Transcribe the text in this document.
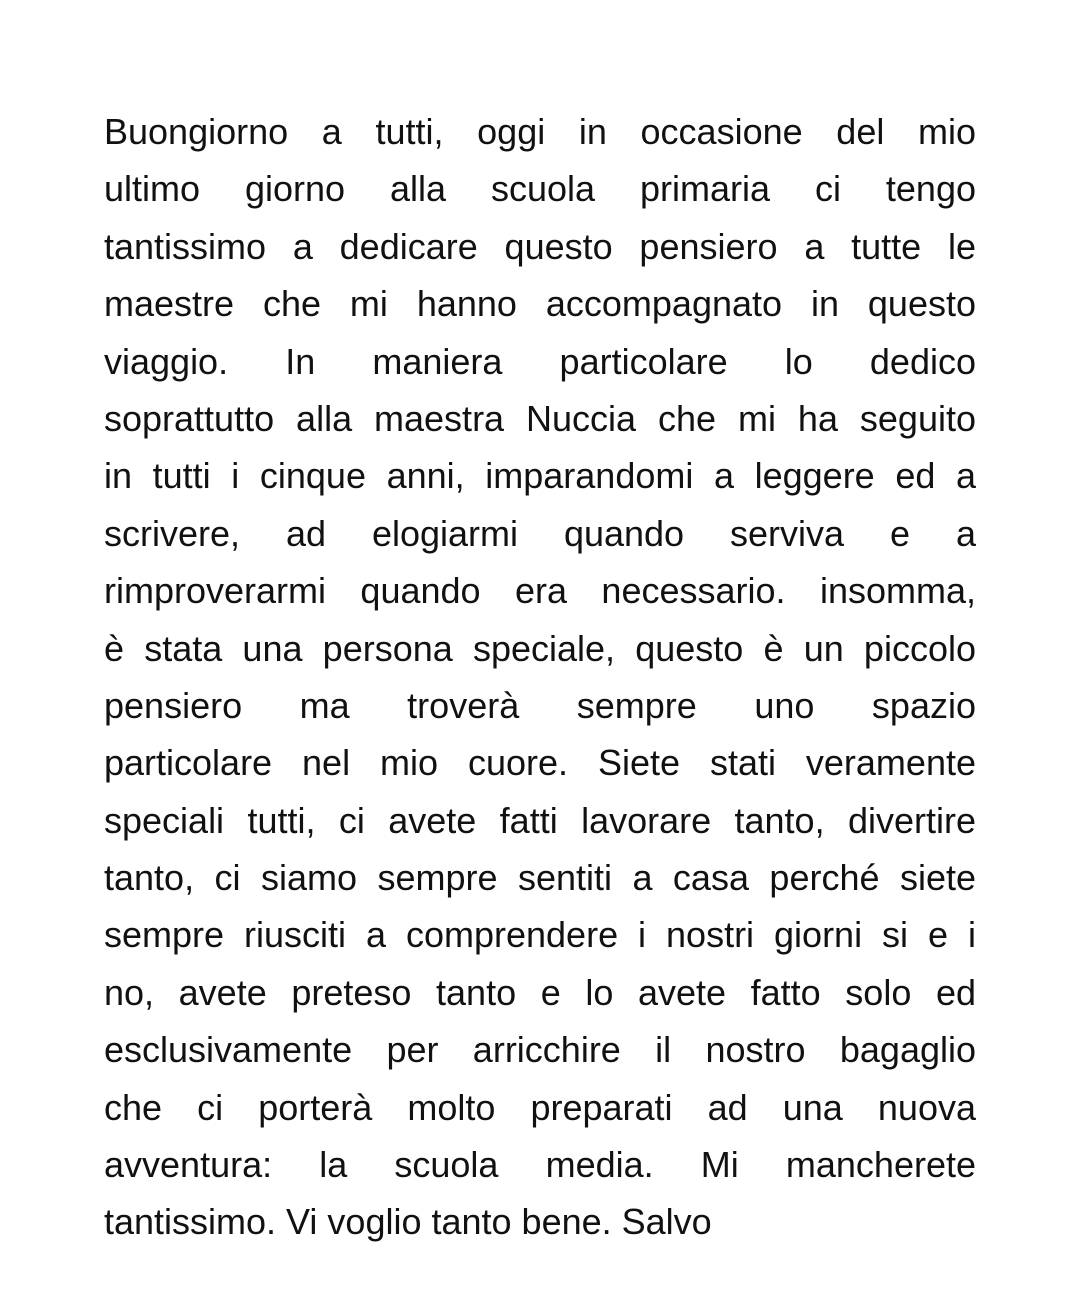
Buongiorno a tutti, oggi in occasione del mio
ultimo giorno alla scuola primaria ci tengo
tantissimo a dedicare questo pensiero a tutte le
maestre che mi hanno accompagnato in questo
viaggio. In maniera particolare lo dedico
soprattutto alla maestra Nuccia che mi ha seguito
in tutti i cinque anni, imparandomi a leggere ed a
scrivere, ad elogiarmi quando serviva e a
rimproverarmi quando era necessario. insomma,
è stata una persona speciale, questo è un piccolo
pensiero ma troverà sempre uno spazio
particolare nel mio cuore. Siete stati veramente
speciali tutti, ci avete fatti lavorare tanto, divertire
tanto, ci siamo sempre sentiti a casa perché siete
sempre riusciti a comprendere i nostri giorni si e i
no, avete preteso tanto e lo avete fatto solo ed
esclusivamente per arricchire il nostro bagaglio
che ci porterà molto preparati ad una nuova
avventura: la scuola media. Mi mancherete
tantissimo. Vi voglio tanto bene. Salvo
